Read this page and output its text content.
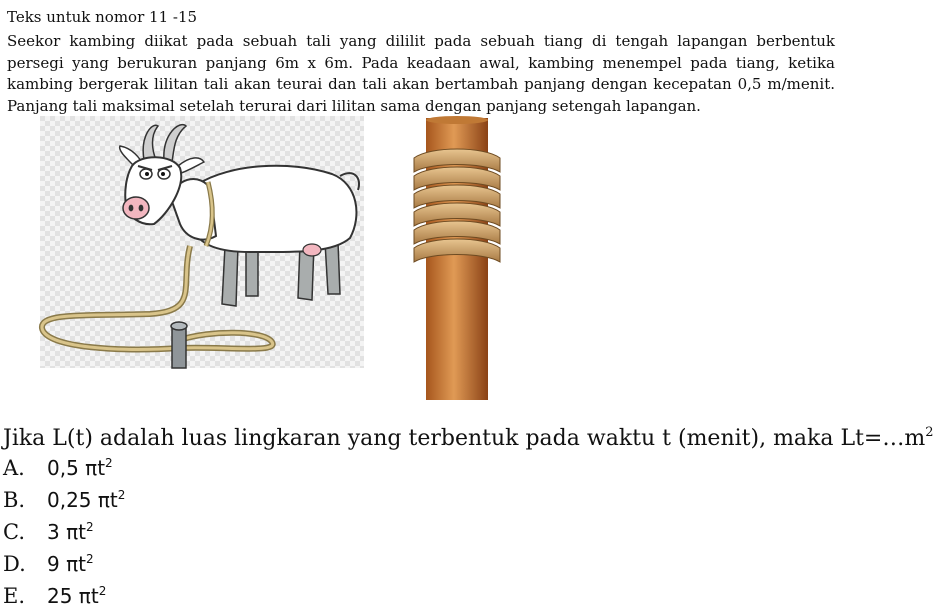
Teks untuk nomor 11 -15
Seekor kambing diikat pada sebuah tali yang dililit pada sebuah tiang di tengah lapangan berbentuk persegi yang berukuran panjang 6m x 6m. Pada keadaan awal, kambing menempel pada tiang, ketika kambing bergerak lilitan tali akan teurai dan tali akan bertambah panjang dengan kecepatan 0,5 m/menit. Panjang tali maksimal setelah terurai dari lilitan sama dengan panjang setengah lapangan.
Jika L(t) adalah luas lingkaran yang terbentuk pada waktu t (menit), maka $Lt=\dots m^2$
A.	0,5 $\pi t^2$
B.	0,25 $\pi t^2$
C.	3 $\pi t^2$
D.	9 $\pi t^2$
E.	25 $\pi t^2$
